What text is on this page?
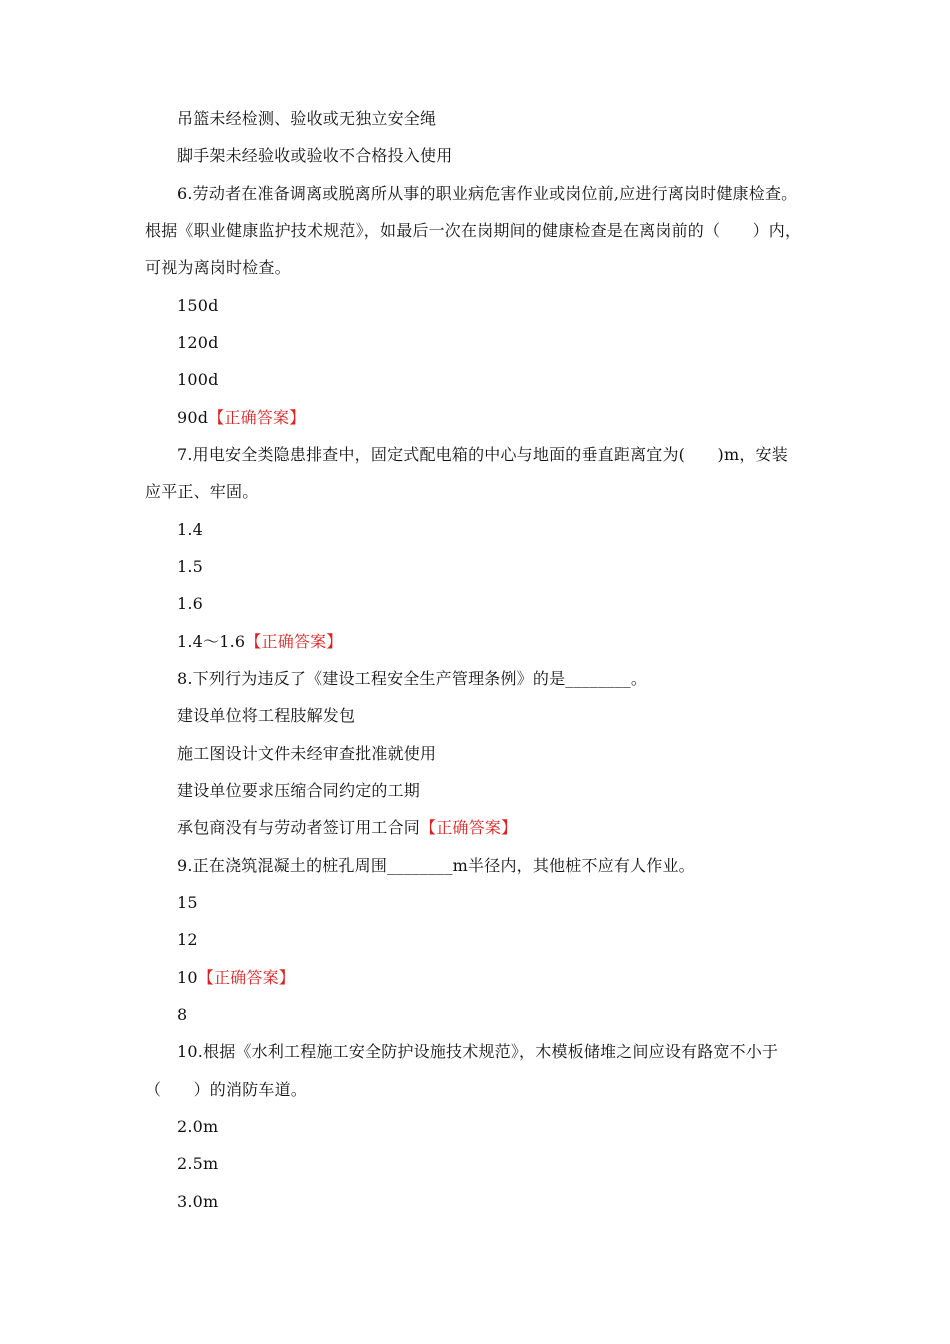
吊篮未经检测、验收或无独立安全绳
脚手架未经验收或验收不合格投入使用
6.劳动者在准备调离或脱离所从事的职业病危害作业或岗位前,应进行离岗时健康检查。
根据《职业健康监护技术规范》，如最后一次在岗期间的健康检查是在离岗前的（　　）内，
可视为离岗时检查。
150d
120d
100d
90d【正确答案】
7.用电安全类隐患排查中，固定式配电箱的中心与地面的垂直距离宜为(　　)m，安装
应平正、牢固。
1.4
1.5
1.6
1.4～1.6【正确答案】
8.下列行为违反了《建设工程安全生产管理条例》的是________。
建设单位将工程肢解发包
施工图设计文件未经审查批准就使用
建设单位要求压缩合同约定的工期
承包商没有与劳动者签订用工合同【正确答案】
9.正在浇筑混凝土的桩孔周围________m半径内，其他桩不应有人作业。
15
12
10【正确答案】
8
10.根据《水利工程施工安全防护设施技术规范》，木模板储堆之间应设有路宽不小于
（　　）的消防车道。
2.0m
2.5m
3.0m
